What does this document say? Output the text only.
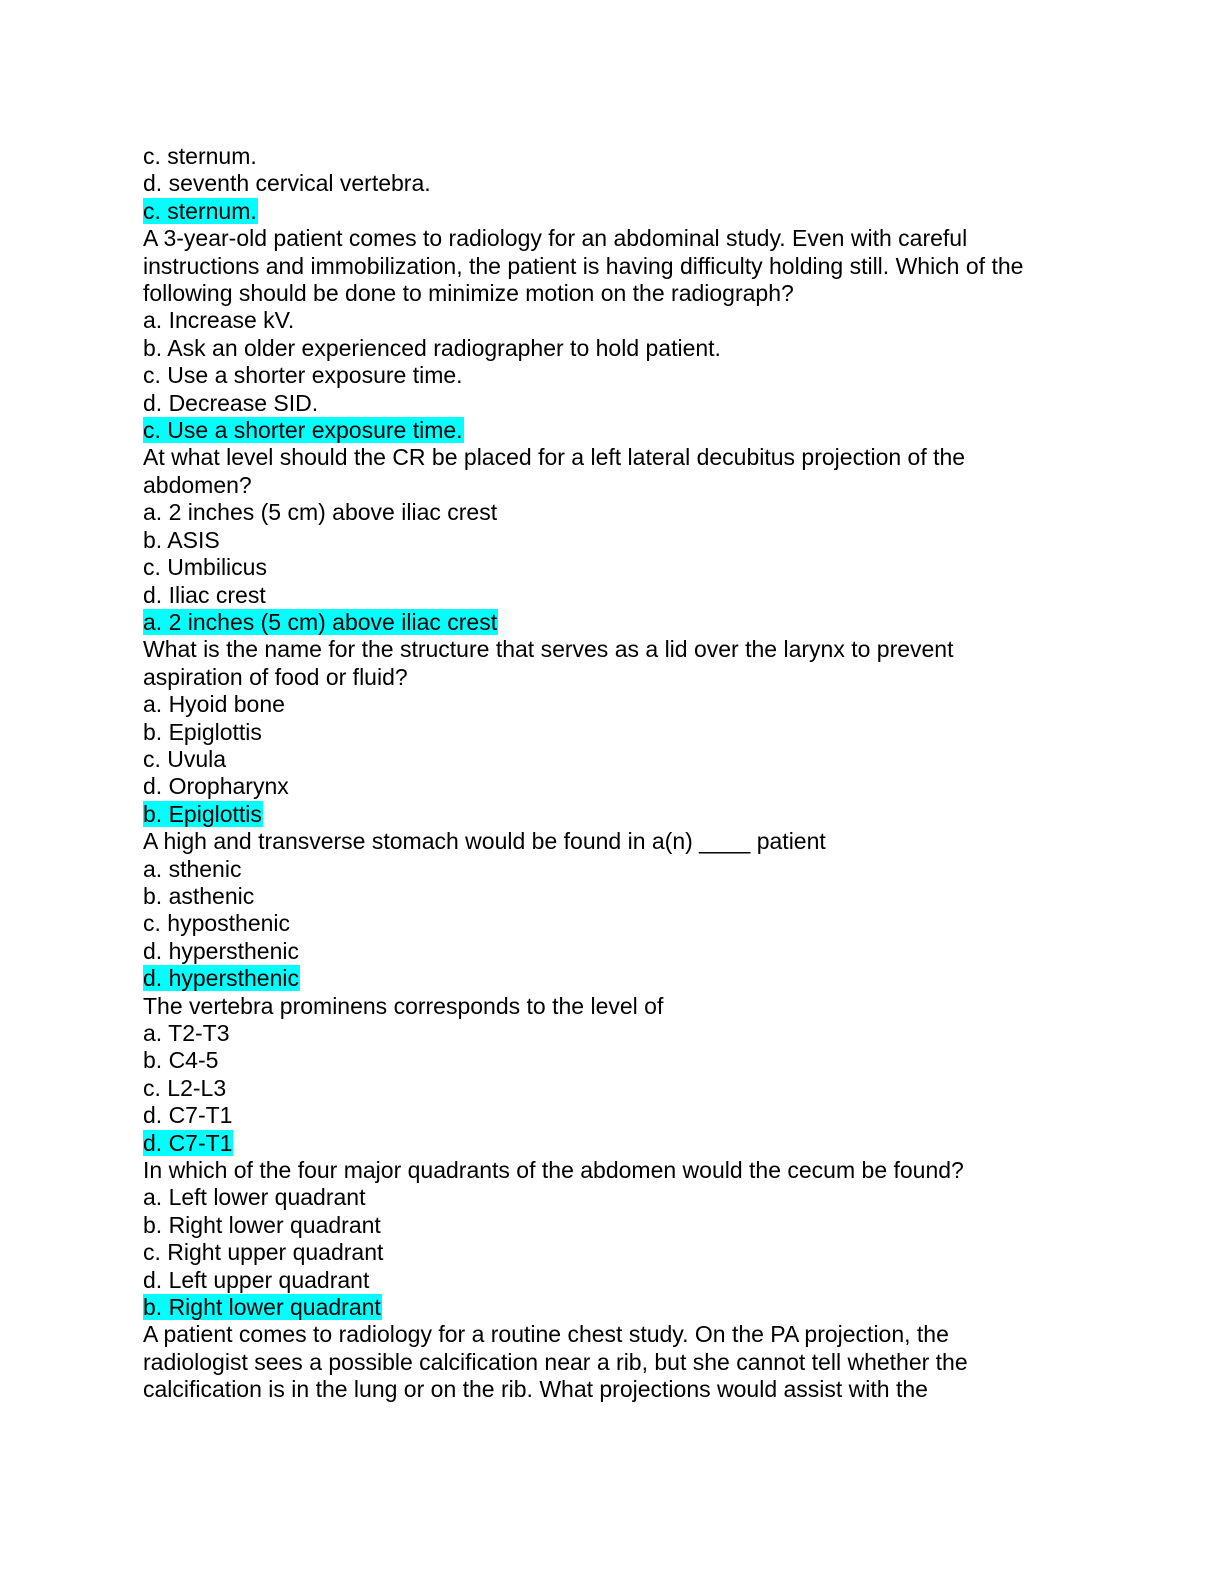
c. sternum.
d. seventh cervical vertebra.
c. sternum.
A 3-year-old patient comes to radiology for an abdominal study. Even with careful
instructions and immobilization, the patient is having difficulty holding still. Which of the
following should be done to minimize motion on the radiograph?
a. Increase kV.
b. Ask an older experienced radiographer to hold patient.
c. Use a shorter exposure time.
d. Decrease SID.
c. Use a shorter exposure time.
At what level should the CR be placed for a left lateral decubitus projection of the
abdomen?
a. 2 inches (5 cm) above iliac crest
b. ASIS
c. Umbilicus
d. Iliac crest
a. 2 inches (5 cm) above iliac crest
What is the name for the structure that serves as a lid over the larynx to prevent
aspiration of food or fluid?
a. Hyoid bone
b. Epiglottis
c. Uvula
d. Oropharynx
b. Epiglottis
A high and transverse stomach would be found in a(n) ____ patient
a. sthenic
b. asthenic
c. hyposthenic
d. hypersthenic
d. hypersthenic
The vertebra prominens corresponds to the level of
a. T2-T3
b. C4-5
c. L2-L3
d. C7-T1
d. C7-T1
In which of the four major quadrants of the abdomen would the cecum be found?
a. Left lower quadrant
b. Right lower quadrant
c. Right upper quadrant
d. Left upper quadrant
b. Right lower quadrant
A patient comes to radiology for a routine chest study. On the PA projection, the
radiologist sees a possible calcification near a rib, but she cannot tell whether the
calcification is in the lung or on the rib. What projections would assist with the
